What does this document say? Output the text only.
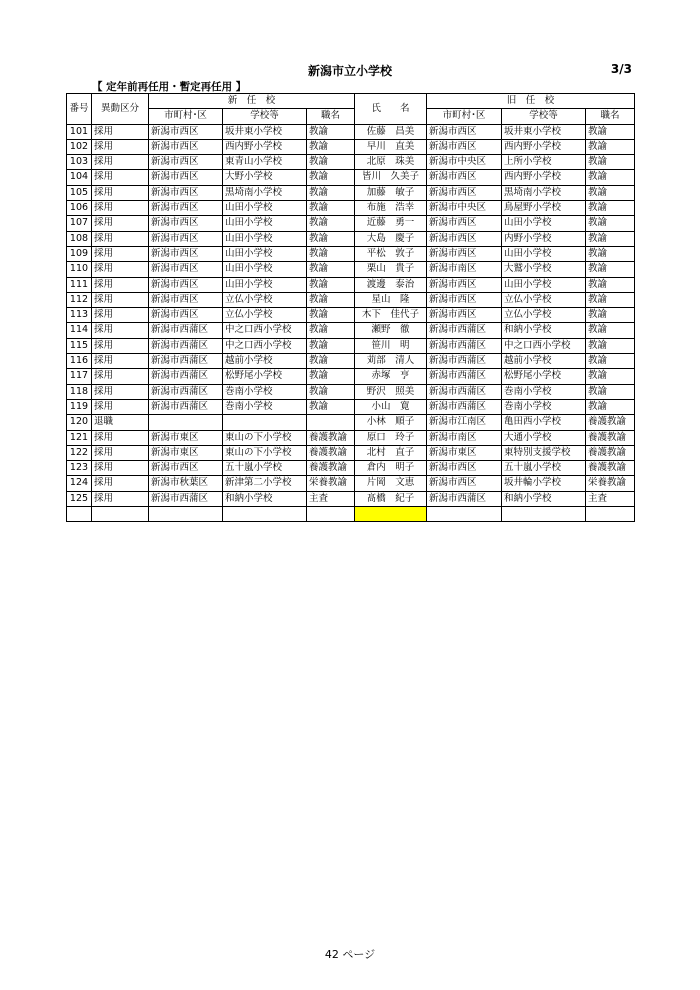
新潟市立小学校	3/3
【 定年前再任用・暫定再任用 】
番号	異動区分	新　任　校			氏　　名	旧　任　校		
		市町村･区	学校等	職名		市町村･区	学校等	職名
101	採用	新潟市西区	坂井東小学校	教諭	佐藤　昌美	新潟市西区	坂井東小学校	教諭
102	採用	新潟市西区	西内野小学校	教諭	早川　直美	新潟市西区	西内野小学校	教諭
103	採用	新潟市西区	東青山小学校	教諭	北原　珠美	新潟市中央区	上所小学校	教諭
104	採用	新潟市西区	大野小学校	教諭	皆川　久美子	新潟市西区	西内野小学校	教諭
105	採用	新潟市西区	黒埼南小学校	教諭	加藤　敏子	新潟市西区	黒埼南小学校	教諭
106	採用	新潟市西区	山田小学校	教諭	布施　浩幸	新潟市中央区	鳥屋野小学校	教諭
107	採用	新潟市西区	山田小学校	教諭	近藤　勇一	新潟市西区	山田小学校	教諭
108	採用	新潟市西区	山田小学校	教諭	大島　慶子	新潟市西区	内野小学校	教諭
109	採用	新潟市西区	山田小学校	教諭	平松　敦子	新潟市西区	山田小学校	教諭
110	採用	新潟市西区	山田小学校	教諭	栗山　貴子	新潟市南区	大鷲小学校	教諭
111	採用	新潟市西区	山田小学校	教諭	渡邊　泰治	新潟市西区	山田小学校	教諭
112	採用	新潟市西区	立仏小学校	教諭	星山　隆	新潟市西区	立仏小学校	教諭
113	採用	新潟市西区	立仏小学校	教諭	木下　佳代子	新潟市西区	立仏小学校	教諭
114	採用	新潟市西蒲区	中之口西小学校	教諭	瀬野　徹	新潟市西蒲区	和納小学校	教諭
115	採用	新潟市西蒲区	中之口西小学校	教諭	笹川　明	新潟市西蒲区	中之口西小学校	教諭
116	採用	新潟市西蒲区	越前小学校	教諭	苅部　清人	新潟市西蒲区	越前小学校	教諭
117	採用	新潟市西蒲区	松野尾小学校	教諭	赤塚　亨	新潟市西蒲区	松野尾小学校	教諭
118	採用	新潟市西蒲区	巻南小学校	教諭	野沢　照美	新潟市西蒲区	巻南小学校	教諭
119	採用	新潟市西蒲区	巻南小学校	教諭	小山　寛	新潟市西蒲区	巻南小学校	教諭
120	退職				小林　順子	新潟市江南区	亀田西小学校	養護教諭
121	採用	新潟市東区	東山の下小学校	養護教諭	原口　玲子	新潟市南区	大通小学校	養護教諭
122	採用	新潟市東区	東山の下小学校	養護教諭	北村　直子	新潟市東区	東特別支援学校	養護教諭
123	採用	新潟市西区	五十嵐小学校	養護教諭	倉内　明子	新潟市西区	五十嵐小学校	養護教諭
124	採用	新潟市秋葉区	新津第二小学校	栄養教諭	片岡　文恵	新潟市西区	坂井輪小学校	栄養教諭
125	採用	新潟市西蒲区	和納小学校	主査	髙橋　紀子	新潟市西蒲区	和納小学校	主査

42 ページ
